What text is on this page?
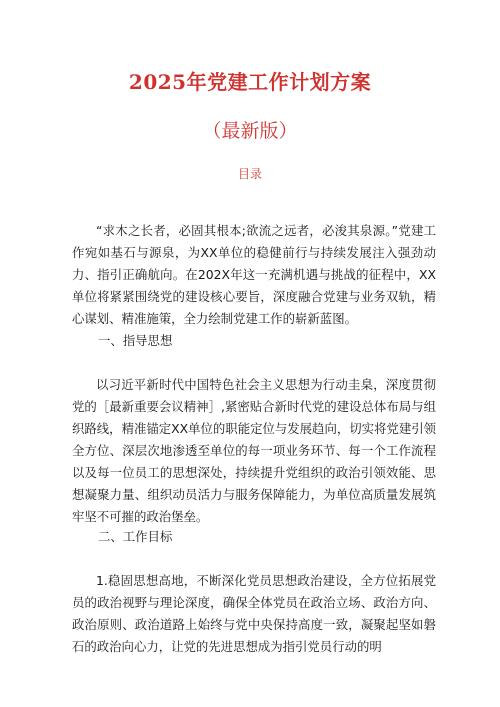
2025年党建工作计划方案
（最新版）
目录

“求木之长者，必固其根本;欲流之远者，必浚其泉源。”党建工作宛如基石与源泉，为XX单位的稳健前行与持续发展注入强劲动力、指引正确航向。在202X年这一充满机遇与挑战的征程中，XX单位将紧紧围绕党的建设核心要旨，深度融合党建与业务双轨，精心谋划、精准施策，全力绘制党建工作的崭新蓝图。

一、指导思想

以习近平新时代中国特色社会主义思想为行动圭臬，深度贯彻党的［最新重要会议精神］,紧密贴合新时代党的建设总体布局与组织路线，精准锚定XX单位的职能定位与发展趋向，切实将党建引领全方位、深层次地渗透至单位的每一项业务环节、每一个工作流程以及每一位员工的思想深处，持续提升党组织的政治引领效能、思想凝聚力量、组织动员活力与服务保障能力，为单位高质量发展筑牢坚不可摧的政治堡垒。

二、工作目标

1.稳固思想高地，不断深化党员思想政治建设，全方位拓展党员的政治视野与理论深度，确保全体党员在政治立场、政治方向、政治原则、政治道路上始终与党中央保持高度一致，凝聚起坚如磐石的政治向心力，让党的先进思想成为指引党员行动的明
